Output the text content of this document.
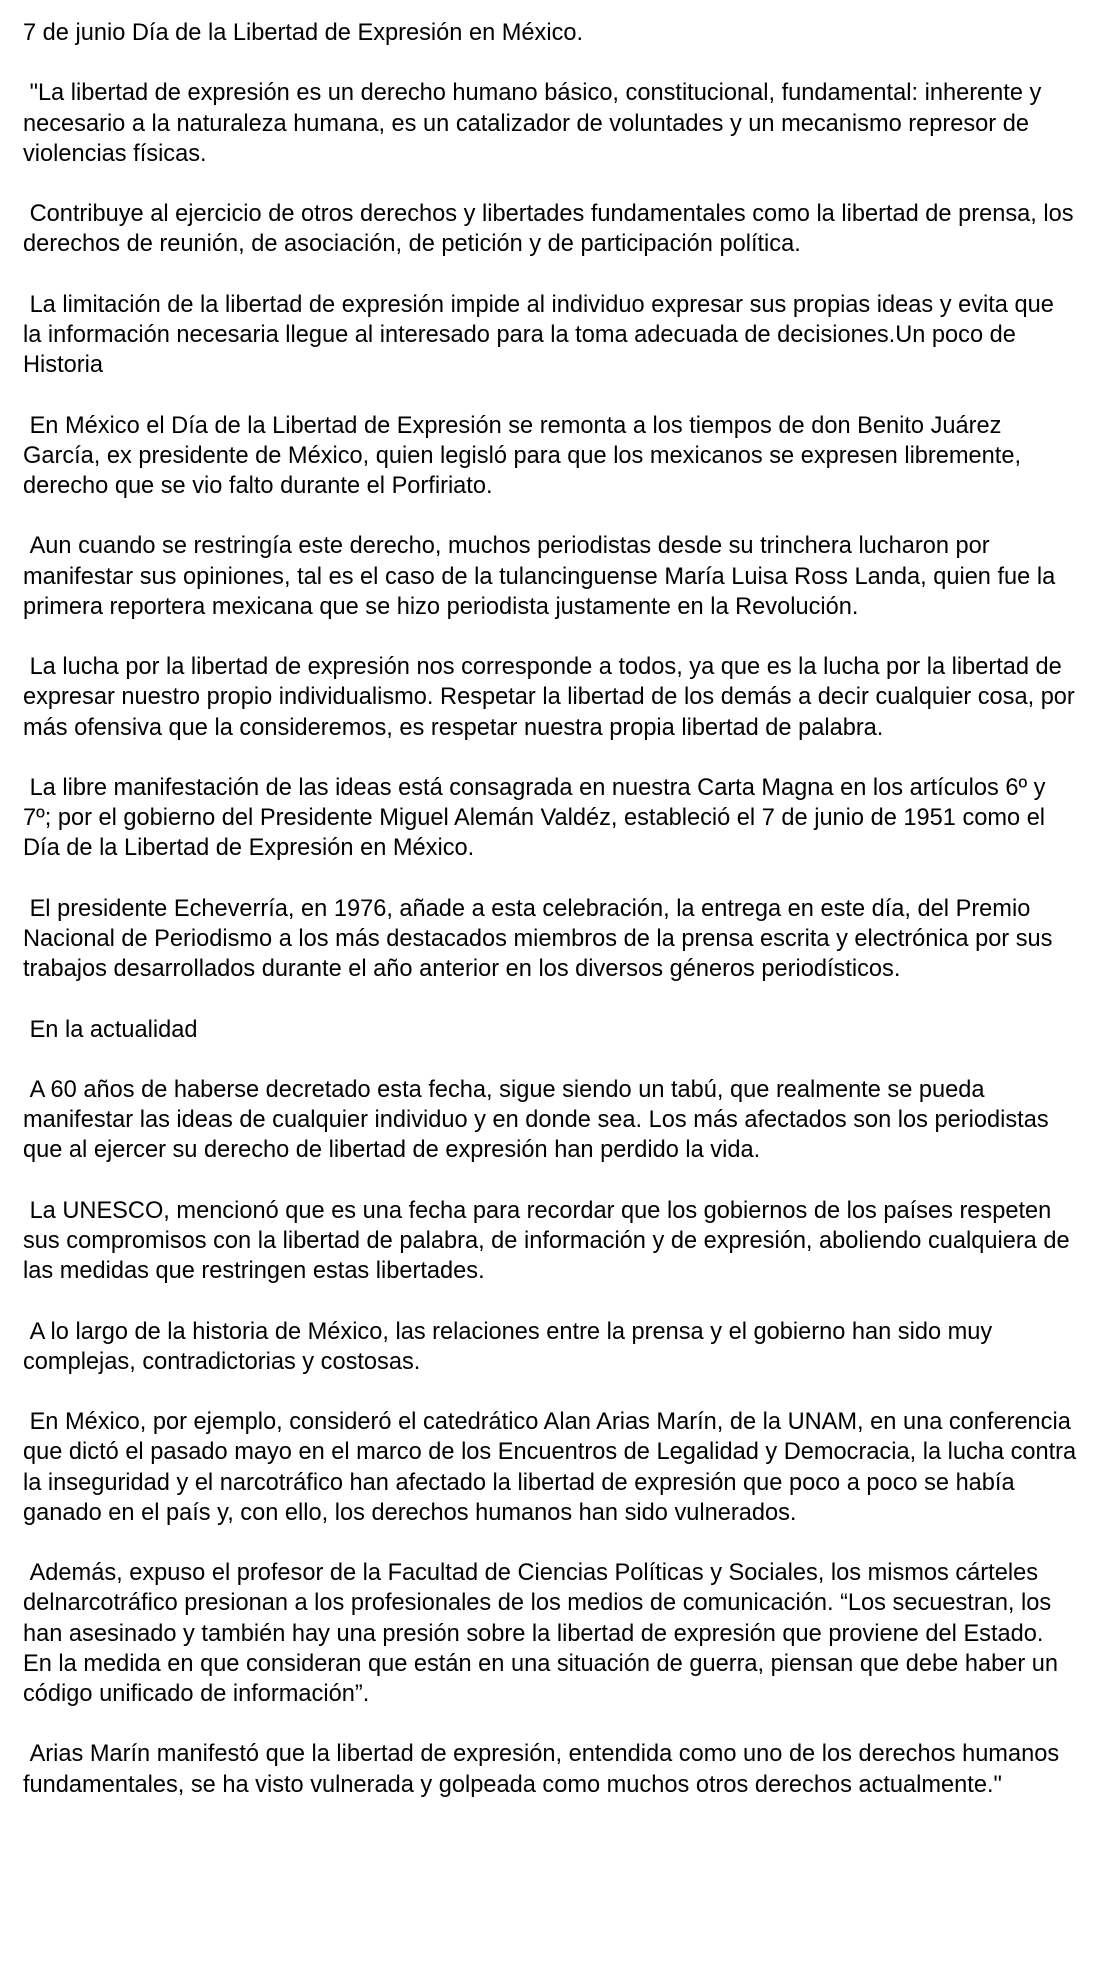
7 de junio Día de la Libertad de Expresión en México.

"La libertad de expresión es un derecho humano básico, constitucional, fundamental: inherente y necesario a la naturaleza humana, es un catalizador de voluntades y un mecanismo represor de violencias físicas.

Contribuye al ejercicio de otros derechos y libertades fundamentales como la libertad de prensa, los derechos de reunión, de asociación, de petición y de participación política.

La limitación de la libertad de expresión impide al individuo expresar sus propias ideas y evita que la información necesaria llegue al interesado para la toma adecuada de decisiones.Un poco de Historia

En México el Día de la Libertad de Expresión se remonta a los tiempos de don Benito Juárez García, ex presidente de México, quien legisló para que los mexicanos se expresen libremente, derecho que se vio falto durante el Porfiriato.

Aun cuando se restringía este derecho, muchos periodistas desde su trinchera lucharon por manifestar sus opiniones, tal es el caso de la tulancinguense María Luisa Ross Landa, quien fue la primera reportera mexicana que se hizo periodista justamente en la Revolución.

La lucha por la libertad de expresión nos corresponde a todos, ya que es la lucha por la libertad de expresar nuestro propio individualismo. Respetar la libertad de los demás a decir cualquier cosa, por más ofensiva que la consideremos, es respetar nuestra propia libertad de palabra.

La libre manifestación de las ideas está consagrada en nuestra Carta Magna en los artículos 6º y 7º; por el gobierno del Presidente Miguel Alemán Valdéz, estableció el 7 de junio de 1951 como el Día de la Libertad de Expresión en México.

El presidente Echeverría, en 1976, añade a esta celebración, la entrega en este día, del Premio Nacional de Periodismo a los más destacados miembros de la prensa escrita y electrónica por sus trabajos desarrollados durante el año anterior en los diversos géneros periodísticos.

En la actualidad

A 60 años de haberse decretado esta fecha, sigue siendo un tabú, que realmente se pueda manifestar las ideas de cualquier individuo y en donde sea. Los más afectados son los periodistas que al ejercer su derecho de libertad de expresión han perdido la vida.

La UNESCO, mencionó que es una fecha para recordar que los gobiernos de los países respeten sus compromisos con la libertad de palabra, de información y de expresión, aboliendo cualquiera de las medidas que restringen estas libertades.

A lo largo de la historia de México, las relaciones entre la prensa y el gobierno han sido muy complejas, contradictorias y costosas.

En México, por ejemplo, consideró el catedrático Alan Arias Marín, de la UNAM, en una conferencia que dictó el pasado mayo en el marco de los Encuentros de Legalidad y Democracia, la lucha contra la inseguridad y el narcotráfico han afectado la libertad de expresión que poco a poco se había ganado en el país y, con ello, los derechos humanos han sido vulnerados.

Además, expuso el profesor de la Facultad de Ciencias Políticas y Sociales, los mismos cárteles delnarcotráfico presionan a los profesionales de los medios de comunicación. “Los secuestran, los han asesinado y también hay una presión sobre la libertad de expresión que proviene del Estado. En la medida en que consideran que están en una situación de guerra, piensan que debe haber un código unificado de información”.

Arias Marín manifestó que la libertad de expresión, entendida como uno de los derechos humanos fundamentales, se ha visto vulnerada y golpeada como muchos otros derechos actualmente."
